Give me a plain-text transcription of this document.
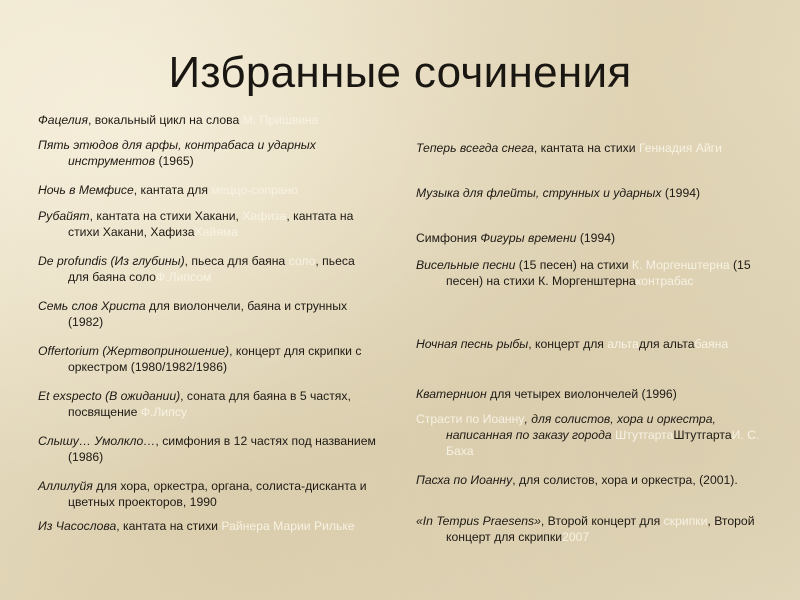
Избранные сочинения
Фацелия, вокальный цикл на слова М. Пришвина
Пять этюдов для арфы, контрабаса и ударных инструментов (1965)
Ночь в Мемфисе, кантата для меццо-сопрано
Рубайят, кантата на стихи Хакани, Хафиза, кантата на стихи Хакани, ХафизаХайяма
De profundis (Из глубины), пьеса для баяна соло, пьеса для баяна солоФ.Липсом
Семь слов Христа для виолончели, баяна и струнных (1982)
Offertorium (Жертвоприношение), концерт для скрипки с оркестром (1980/1982/1986)
Et exspecto (В ожидании), соната для баяна в 5 частях, посвящение Ф.Липсу
Слышу… Умолкло…, симфония в 12 частях под названием (1986)
Аллилуйя для хора, оркестра, органа, солиста-дисканта и цветных проекторов, 1990
Из Часослова, кантата на стихи Райнера Марии Рильке
Теперь всегда снега, кантата на стихи Геннадия Айги
Музыка для флейты, струнных и ударных (1994)
Симфония Фигуры времени (1994)
Висельные песни (15 песен) на стихи К. Моргенштерна (15 песен) на стихи К. Моргенштернаконтрабас
Ночная песнь рыбы, концерт для альтадля альтабаяна
Кватернион для четырех виолончелей (1996)
Страсти по Иоанну, для солистов, хора и оркестра, написанная по заказу города ШтутгартаШтутгартаИ. С. Баха
Пасха по Иоанну, для солистов, хора и оркестра, (2001).
«In Tempus Praesens», Второй концерт для скрипки, Второй концерт для скрипки2007
